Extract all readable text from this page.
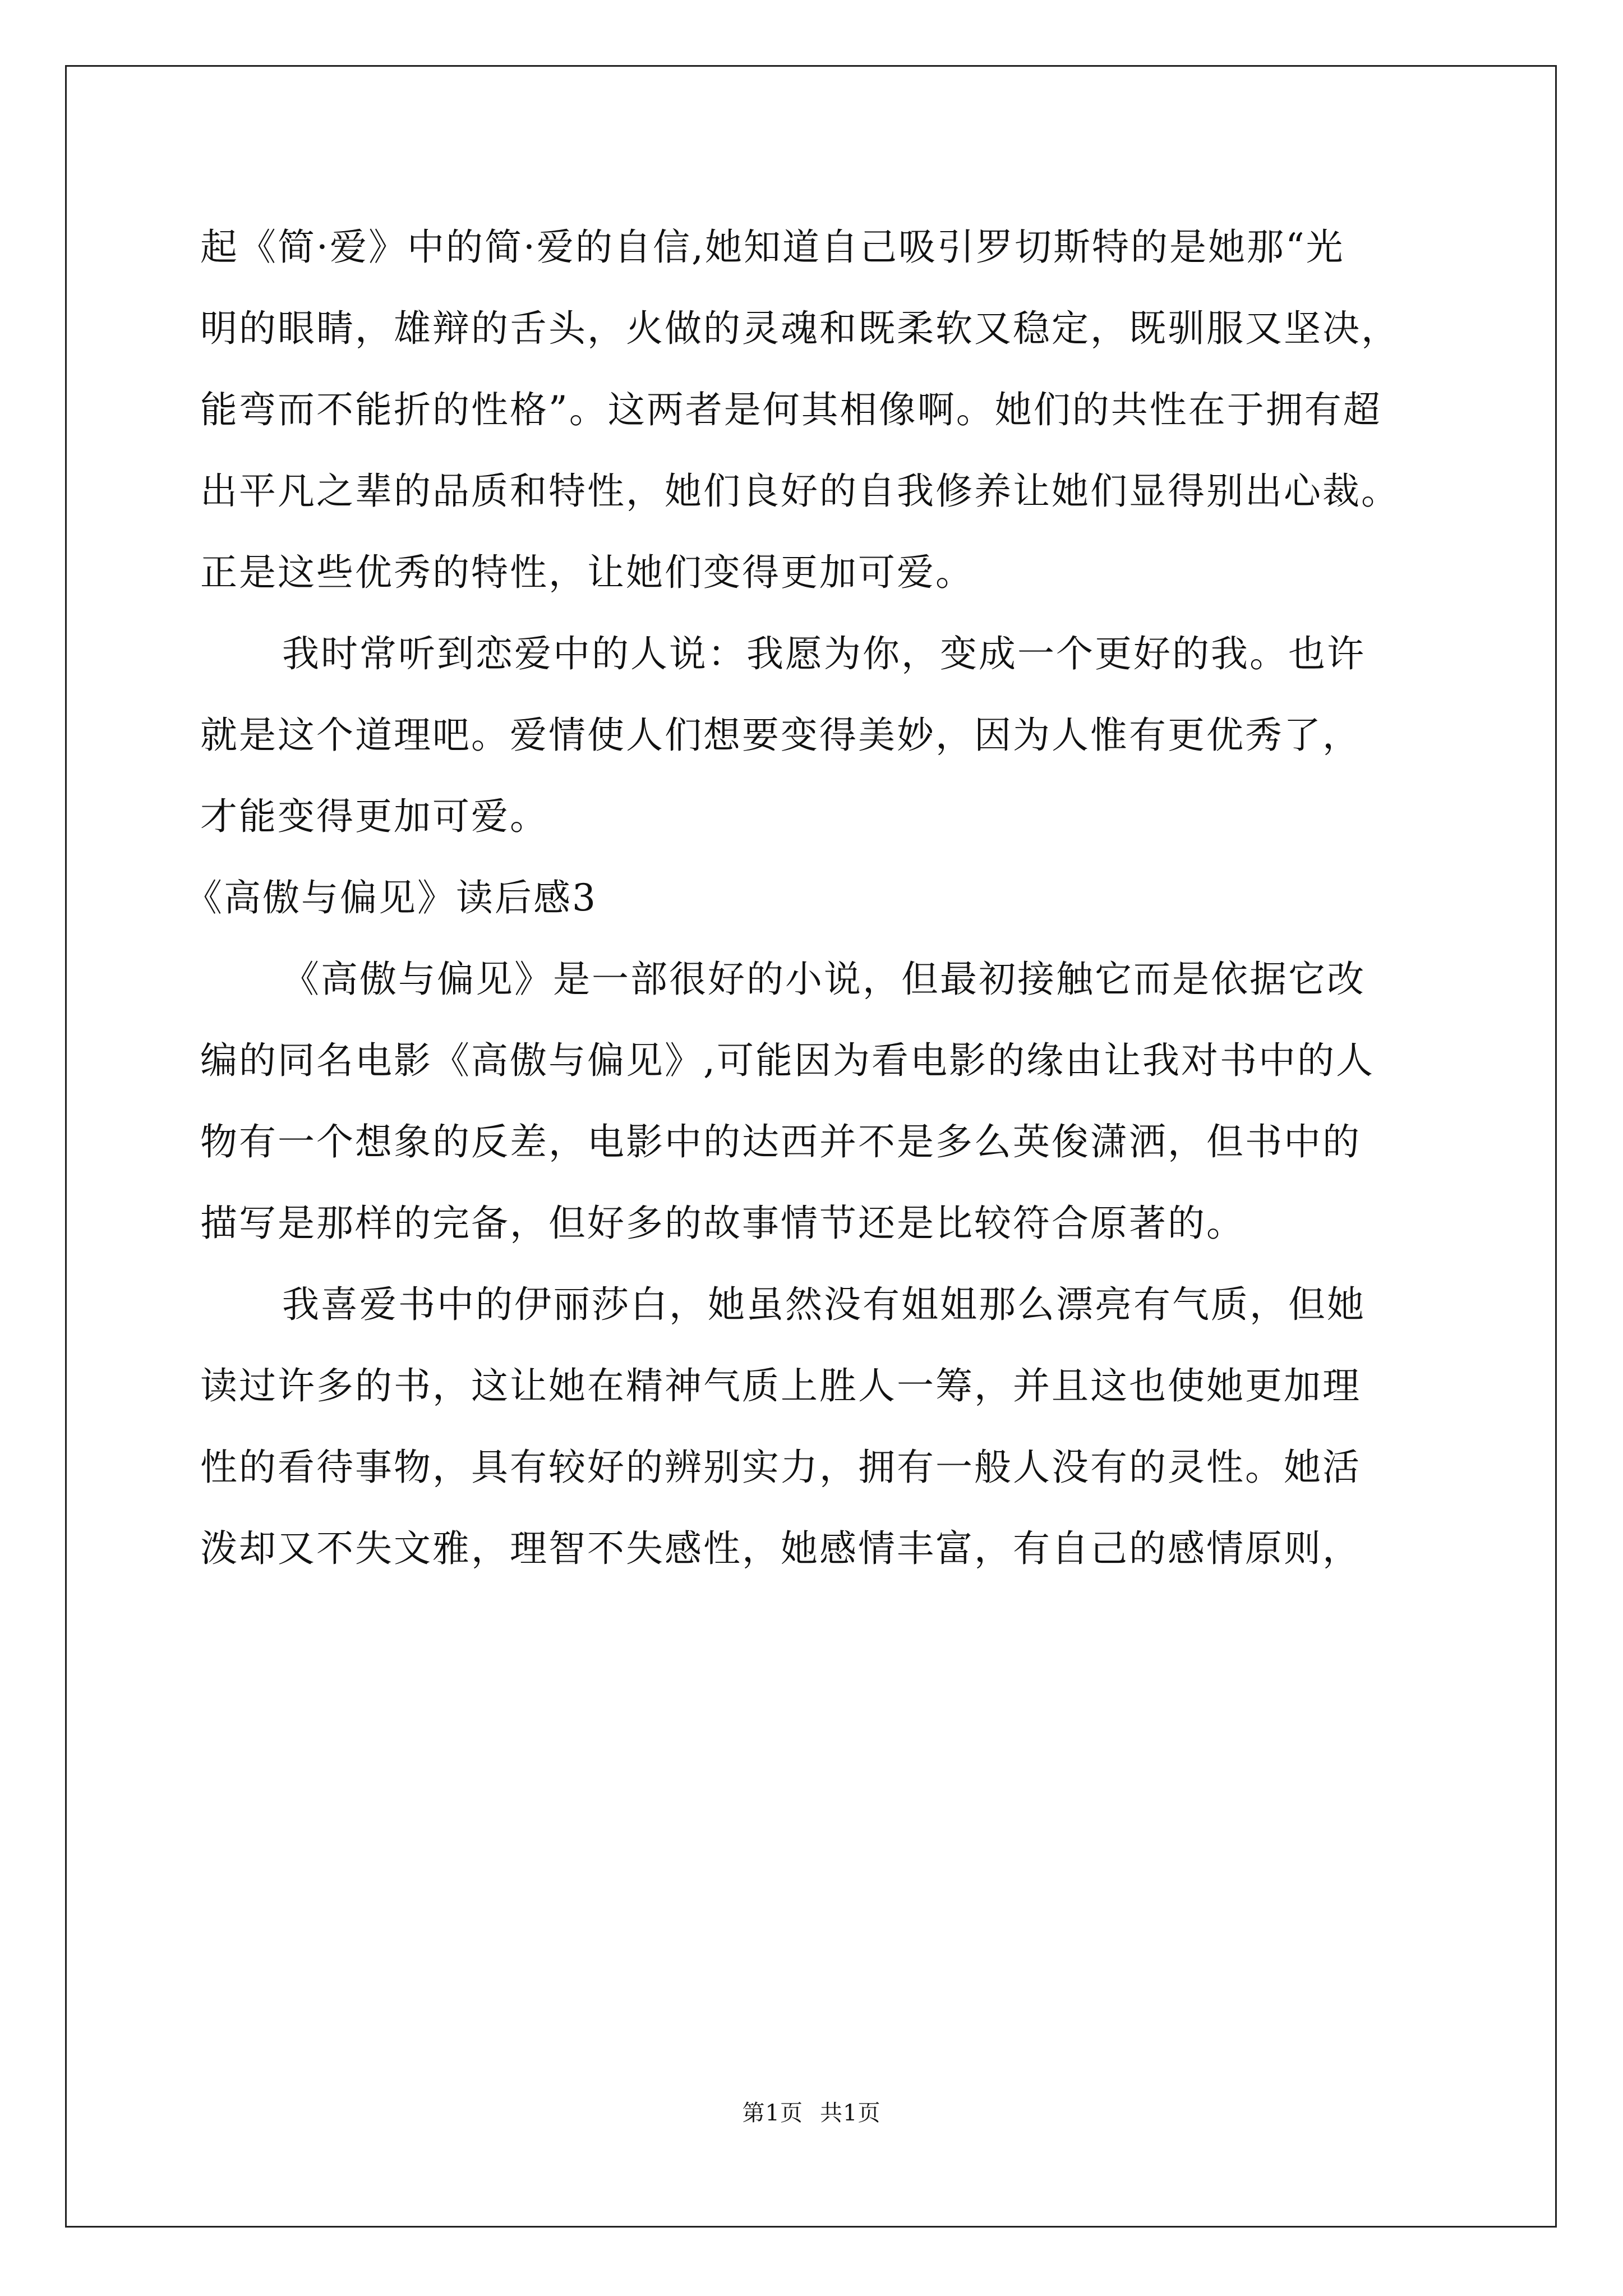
起《简·爱》中的简·爱的自信,她知道自己吸引罗切斯特的是她那“光
明的眼睛，雄辩的舌头，火做的灵魂和既柔软又稳定，既驯服又坚决，
能弯而不能折的性格”。这两者是何其相像啊。她们的共性在于拥有超
出平凡之辈的品质和特性，她们良好的自我修养让她们显得别出心裁。
正是这些优秀的特性，让她们变得更加可爱。
我时常听到恋爱中的人说：我愿为你，变成一个更好的我。也许
就是这个道理吧。爱情使人们想要变得美妙，因为人惟有更优秀了，
才能变得更加可爱。
《高傲与偏见》读后感3
《高傲与偏见》是一部很好的小说，但最初接触它而是依据它改
编的同名电影《高傲与偏见》,可能因为看电影的缘由让我对书中的人
物有一个想象的反差，电影中的达西并不是多么英俊潇洒，但书中的
描写是那样的完备，但好多的故事情节还是比较符合原著的。
我喜爱书中的伊丽莎白，她虽然没有姐姐那么漂亮有气质，但她
读过许多的书，这让她在精神气质上胜人一筹，并且这也使她更加理
性的看待事物，具有较好的辨别实力，拥有一般人没有的灵性。她活
泼却又不失文雅，理智不失感性，她感情丰富，有自己的感情原则，
第1页 共1页
